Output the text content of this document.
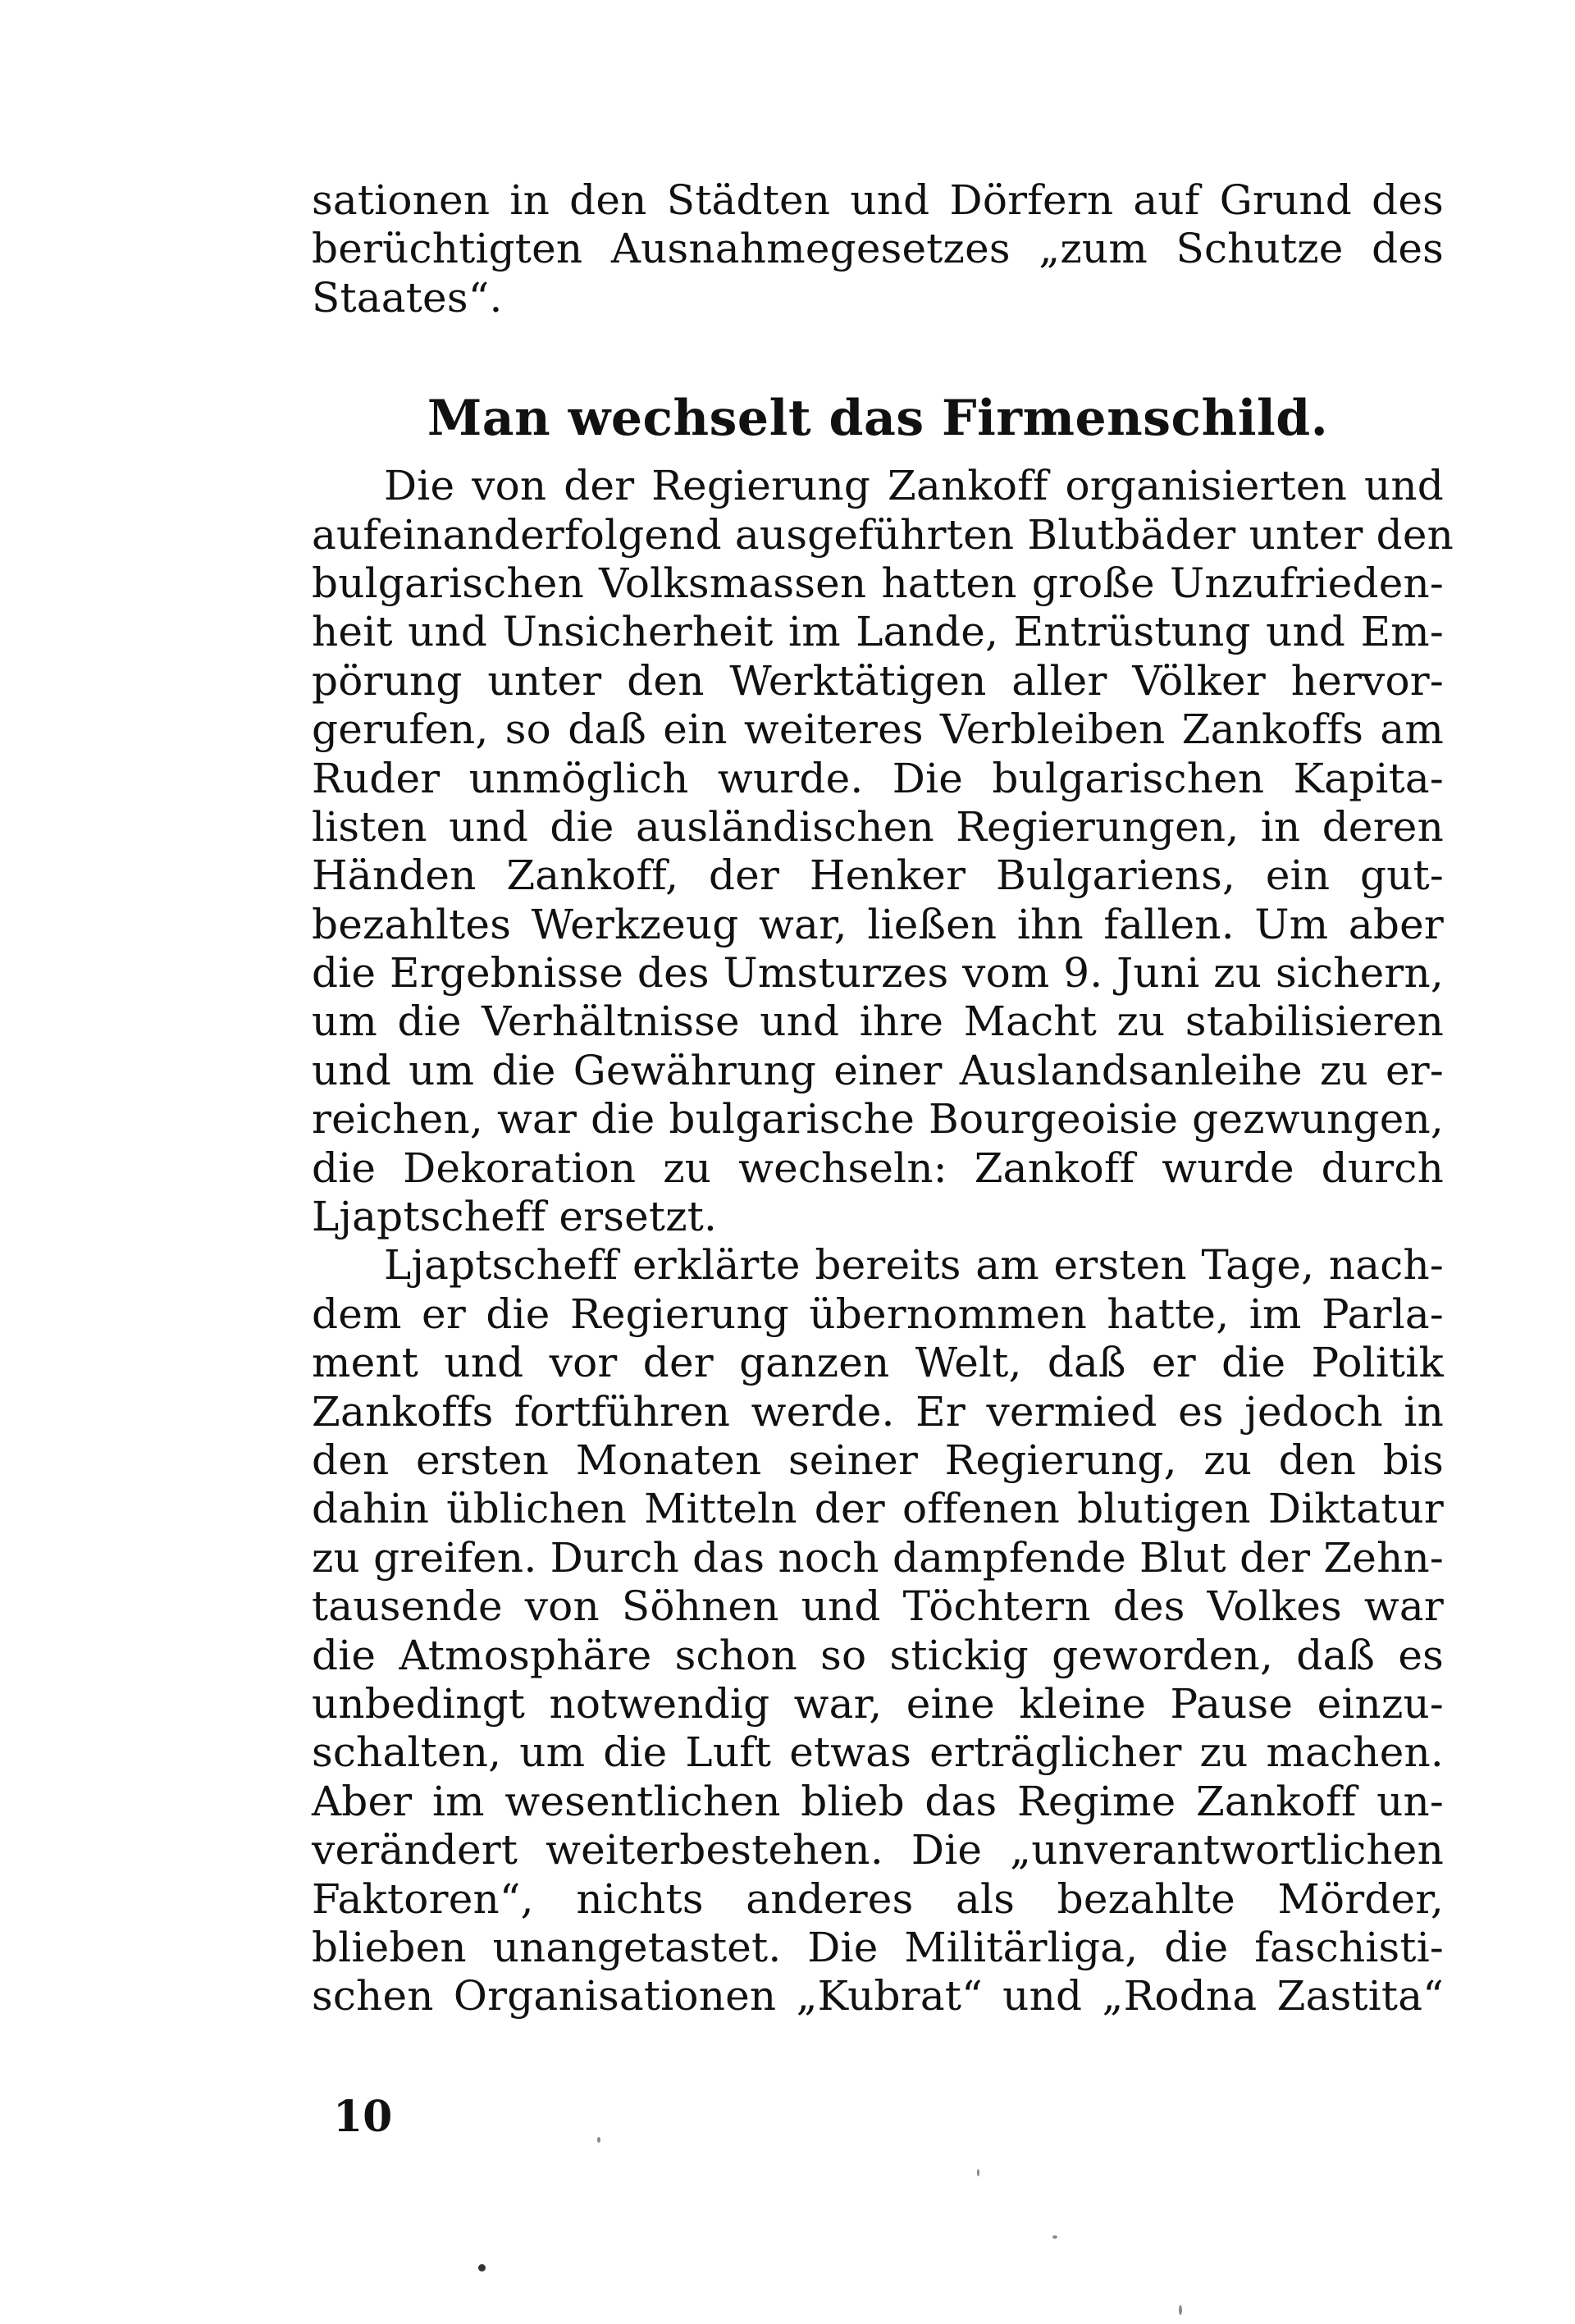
sationen in den Städten und Dörfern auf Grund des
berüchtigten Ausnahmegesetzes „zum Schutze des
Staates“.
Man wechselt das Firmenschild.
Die von der Regierung Zankoff organisierten und
aufeinanderfolgend ausgeführten Blutbäder unter den
bulgarischen Volksmassen hatten große Unzufrieden-
heit und Unsicherheit im Lande, Entrüstung und Em-
pörung unter den Werktätigen aller Völker hervor-
gerufen, so daß ein weiteres Verbleiben Zankoffs am
Ruder unmöglich wurde. Die bulgarischen Kapita-
listen und die ausländischen Regierungen, in deren
Händen Zankoff, der Henker Bulgariens, ein gut-
bezahltes Werkzeug war, ließen ihn fallen. Um aber
die Ergebnisse des Umsturzes vom 9. Juni zu sichern,
um die Verhältnisse und ihre Macht zu stabilisieren
und um die Gewährung einer Auslandsanleihe zu er-
reichen, war die bulgarische Bourgeoisie gezwungen,
die Dekoration zu wechseln: Zankoff wurde durch
Ljaptscheff ersetzt.
Ljaptscheff erklärte bereits am ersten Tage, nach-
dem er die Regierung übernommen hatte, im Parla-
ment und vor der ganzen Welt, daß er die Politik
Zankoffs fortführen werde. Er vermied es jedoch in
den ersten Monaten seiner Regierung, zu den bis
dahin üblichen Mitteln der offenen blutigen Diktatur
zu greifen. Durch das noch dampfende Blut der Zehn-
tausende von Söhnen und Töchtern des Volkes war
die Atmosphäre schon so stickig geworden, daß es
unbedingt notwendig war, eine kleine Pause einzu-
schalten, um die Luft etwas erträglicher zu machen.
Aber im wesentlichen blieb das Regime Zankoff un-
verändert weiterbestehen. Die „unverantwortlichen
Faktoren“, nichts anderes als bezahlte Mörder,
blieben unangetastet. Die Militärliga, die faschisti-
schen Organisationen „Kubrat“ und „Rodna Zastita“
10
